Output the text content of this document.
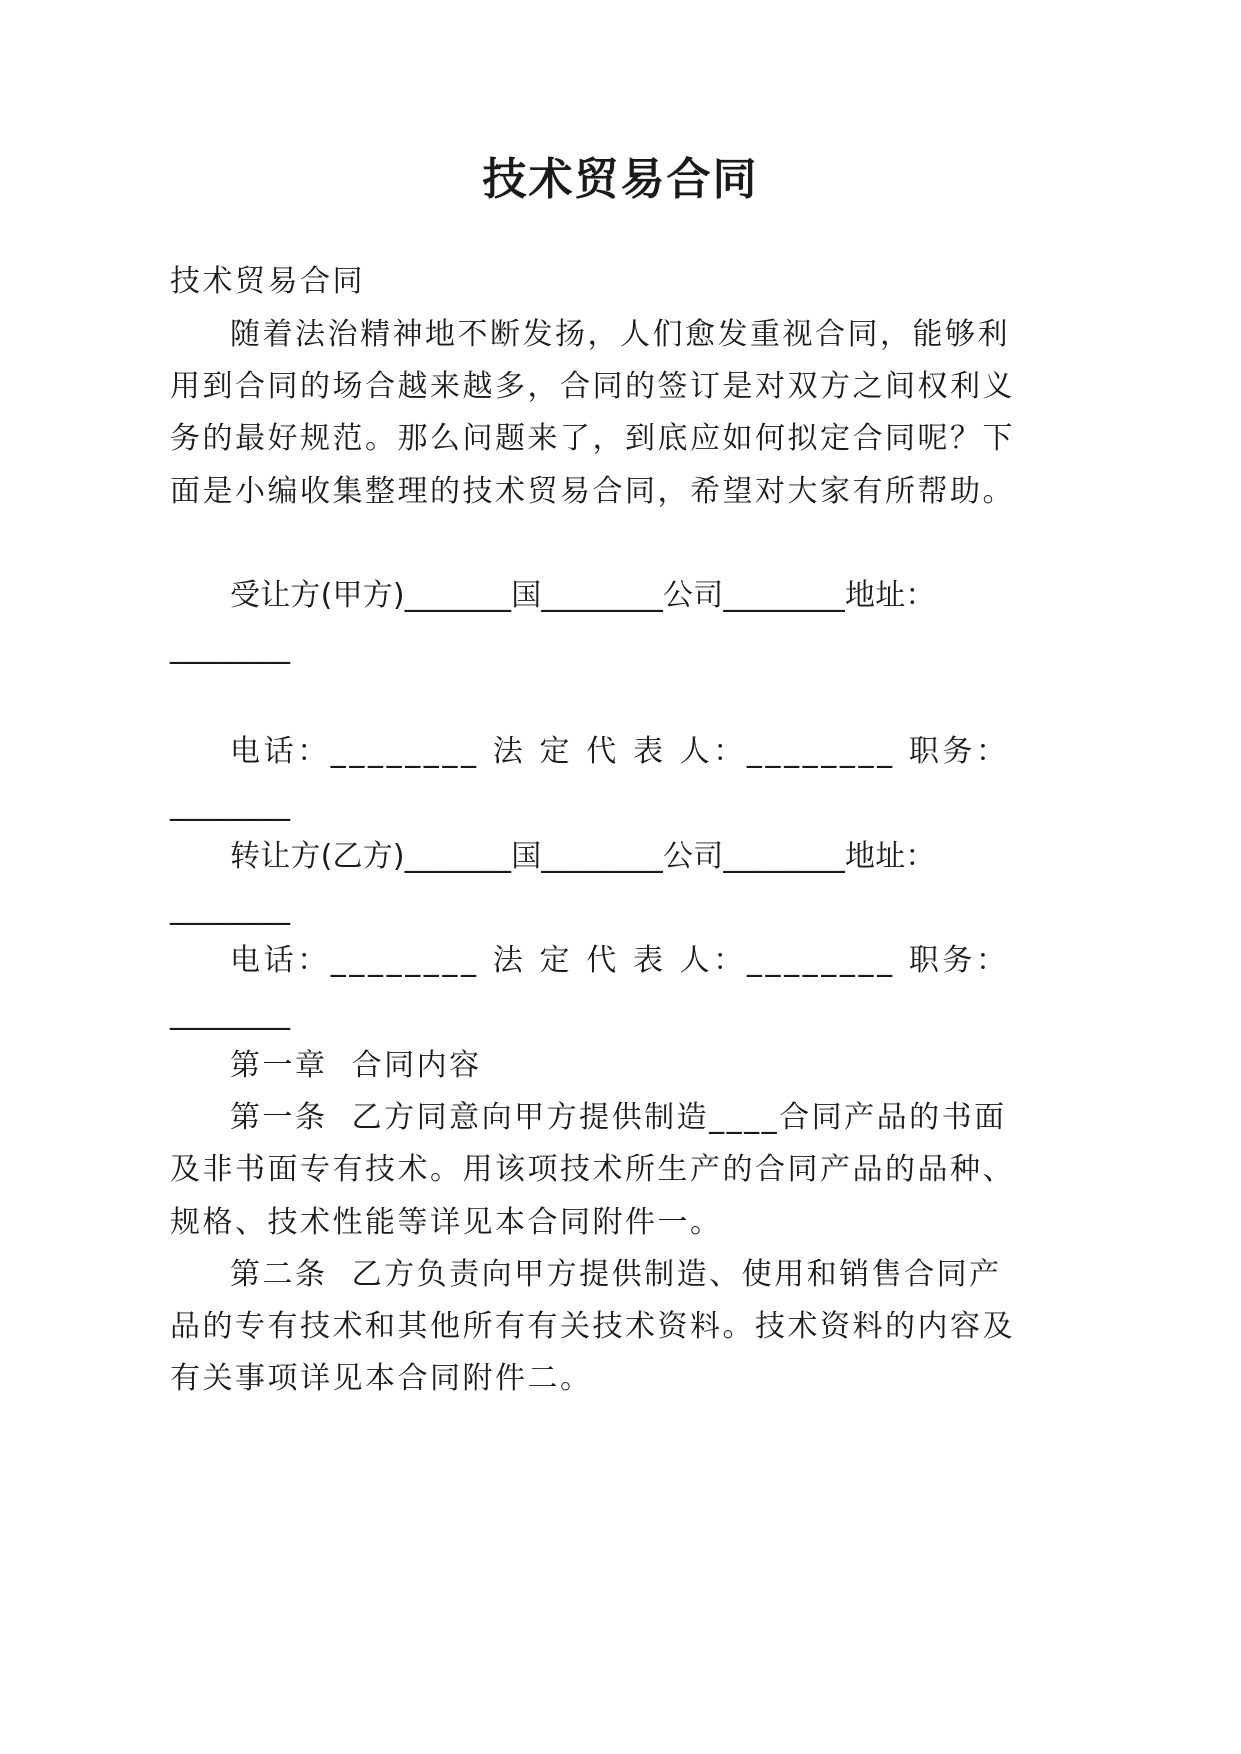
技术贸易合同
技术贸易合同
随着法治精神地不断发扬，人们愈发重视合同，能够利
用到合同的场合越来越多，合同的签订是对双方之间权利义
务的最好规范。那么问题来了，到底应如何拟定合同呢？下
面是小编收集整理的技术贸易合同，希望对大家有所帮助。
受让方(甲方)_______国________公司________地址：
________
电话：________ 法 定 代 表 人：________ 职务：
________
转让方(乙方)_______国________公司________地址：
________
电话：________ 法 定 代 表 人：________ 职务：
________
第一章  合同内容
第一条  乙方同意向甲方提供制造____合同产品的书面
及非书面专有技术。用该项技术所生产的合同产品的品种、
规格、技术性能等详见本合同附件一。
第二条  乙方负责向甲方提供制造、使用和销售合同产
品的专有技术和其他所有有关技术资料。技术资料的内容及
有关事项详见本合同附件二。
